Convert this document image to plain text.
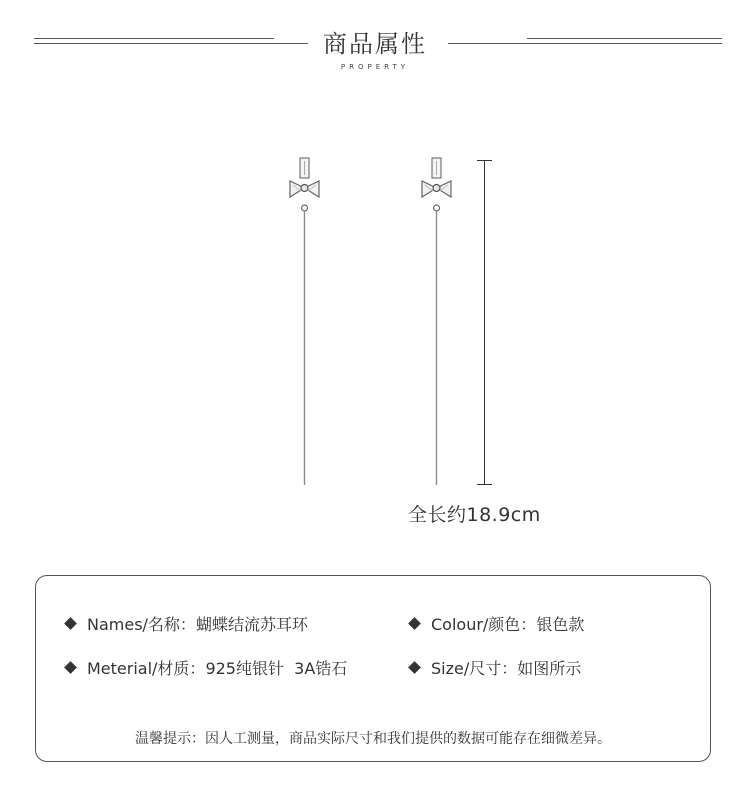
商品属性
PROPERTY
全长约18.9cm
Names/名称：蝴蝶结流苏耳环	Colour/颜色：银色款
Meterial/材质：925纯银针  3A锆石	Size/尺寸：如图所示
温馨提示：因人工测量，商品实际尺寸和我们提供的数据可能存在细微差异。
